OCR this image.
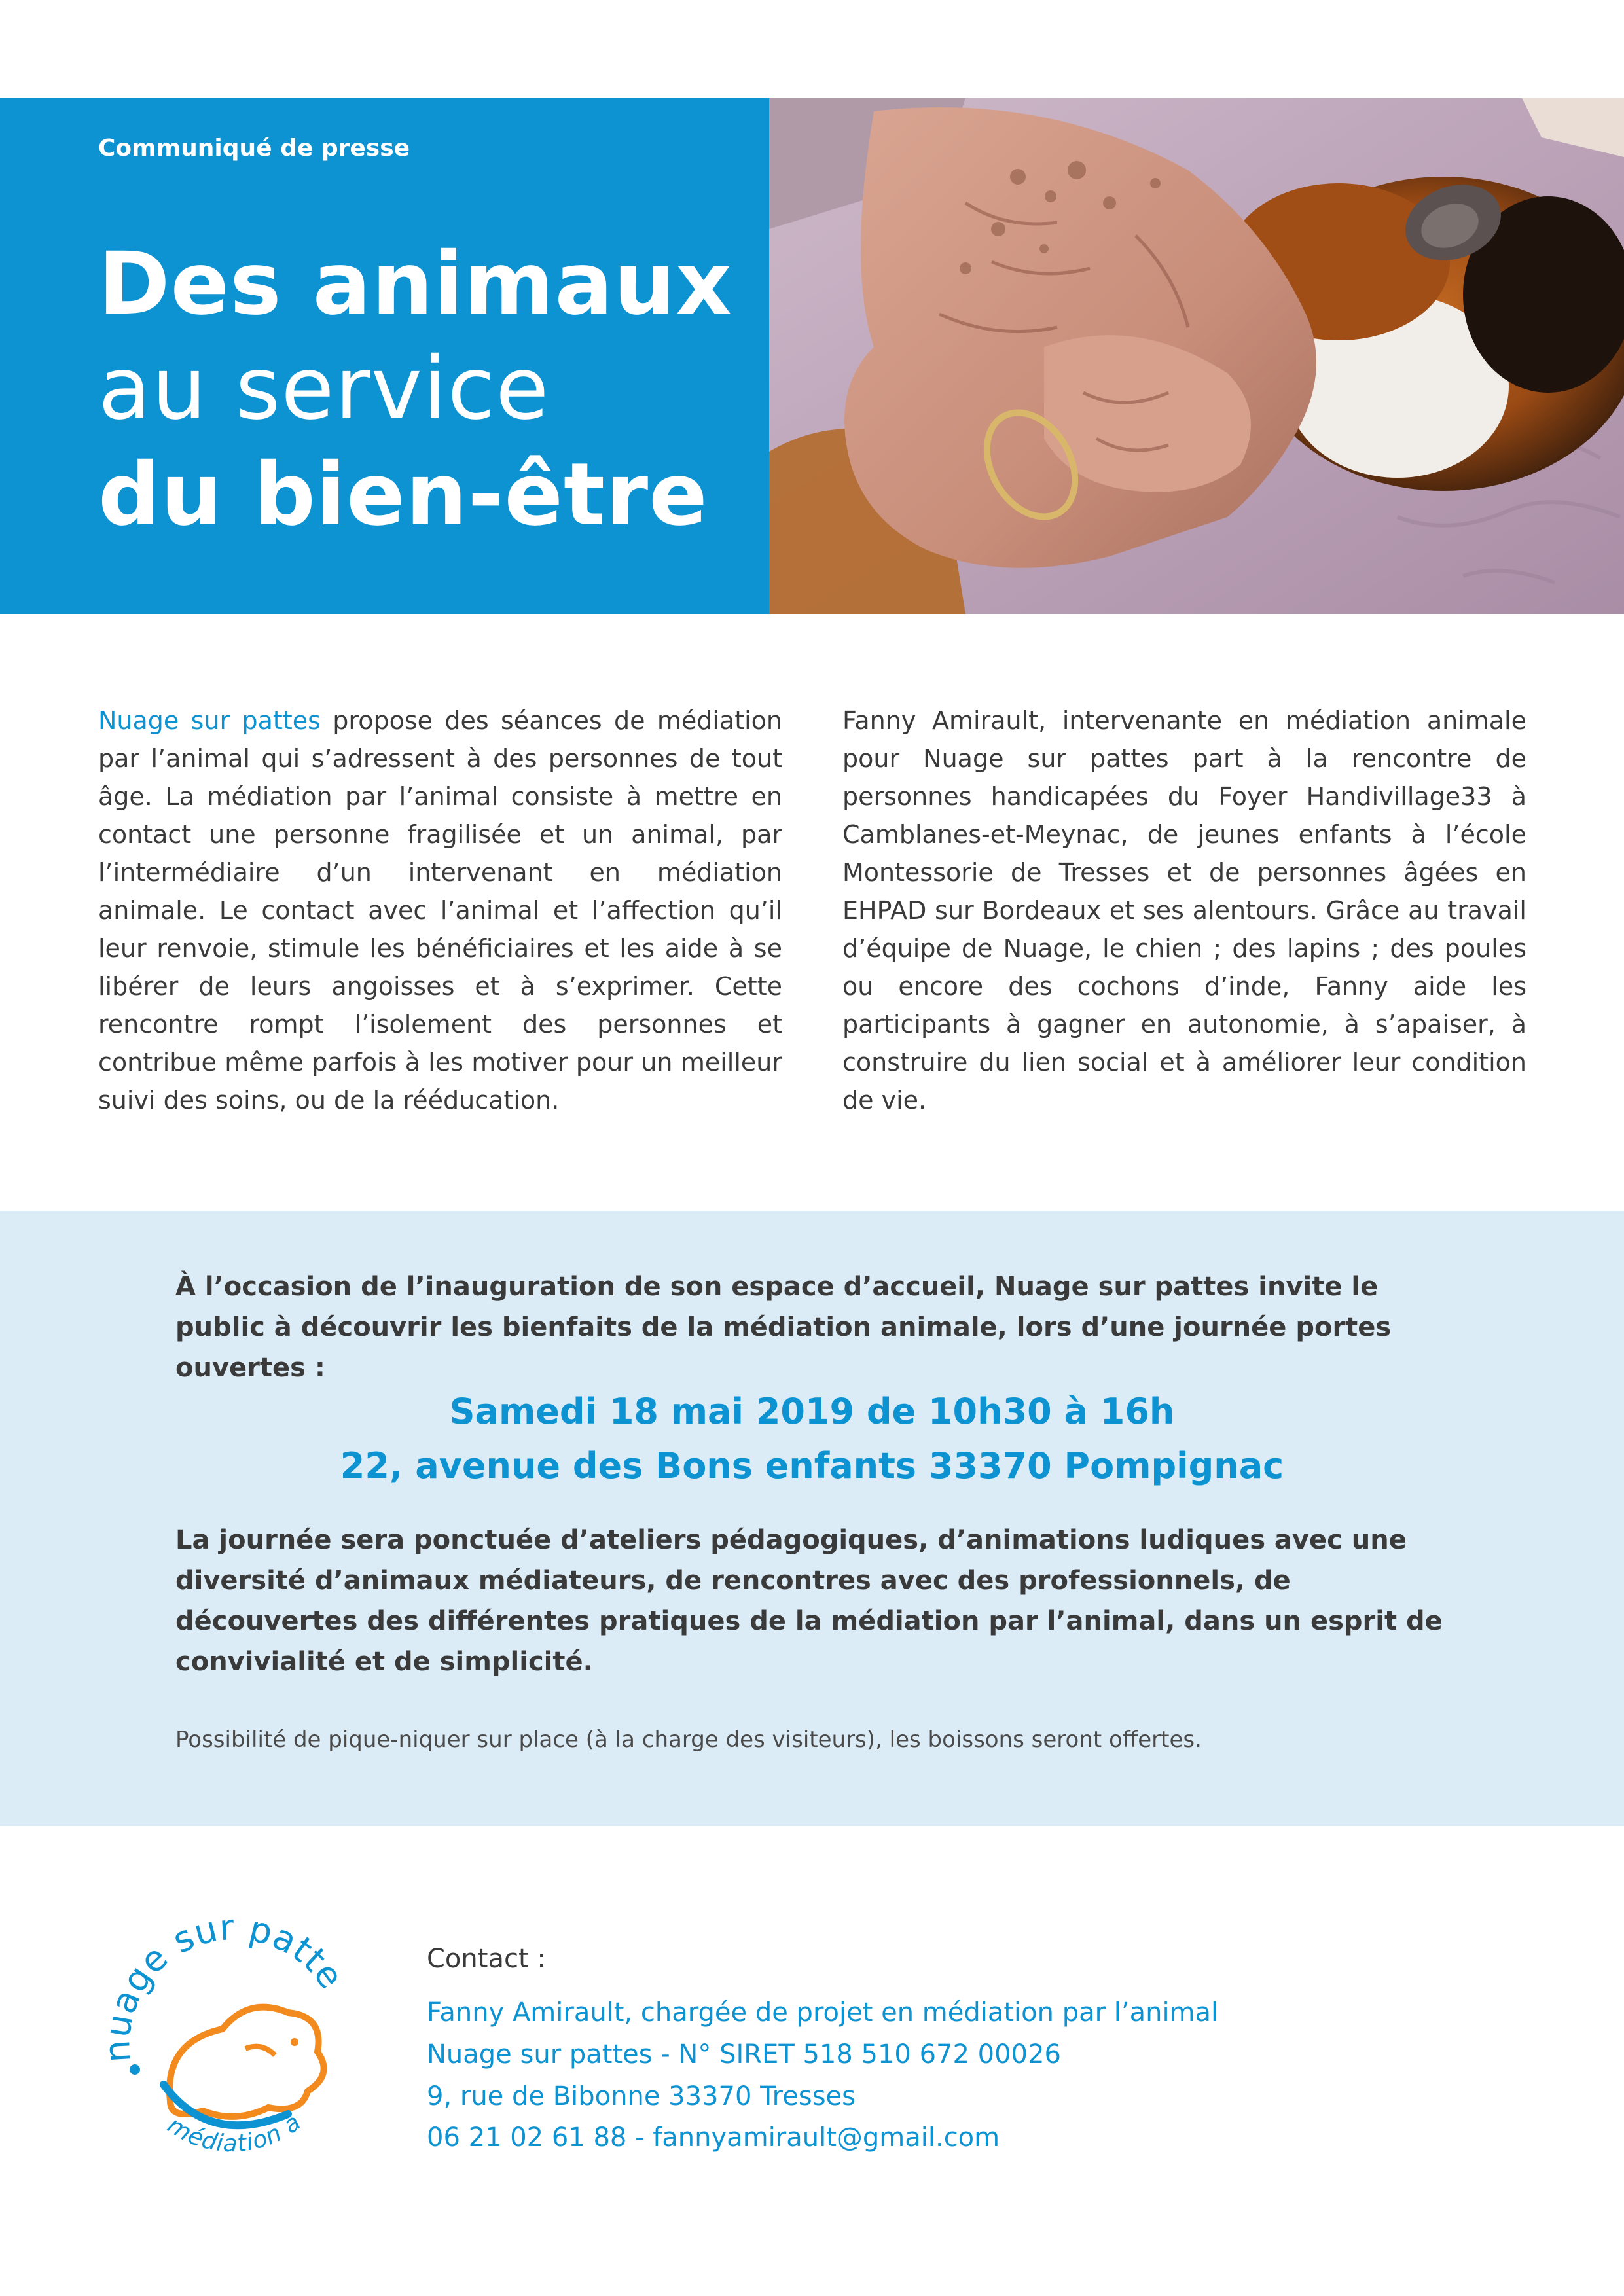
Communiqué de presse
Des animaux
au service
du bien-être
Nuage sur pattes propose des séances de médiation par l’animal qui s’adressent à des personnes de tout âge. La médiation par l’animal consiste à mettre en contact une personne fragilisée et un animal, par l’intermédiaire d’un intervenant en médiation animale. Le contact avec l’animal et l’affection qu’il leur renvoie, stimule les bénéficiaires et les aide à se libérer de leurs angoisses et à s’exprimer. Cette rencontre rompt l’isolement des personnes et contribue même parfois à les motiver pour un meilleur suivi des soins, ou de la rééducation.
Fanny Amirault, intervenante en médiation animale pour Nuage sur pattes part à la rencontre de personnes handicapées du Foyer Handivillage33 à Camblanes-et-Meynac, de jeunes enfants à l’école Montessorie de Tresses et de personnes âgées en EHPAD sur Bordeaux et ses alentours. Grâce au travail d’équipe de Nuage, le chien ; des lapins ; des poules ou encore des cochons d’inde, Fanny aide les participants à gagner en autonomie, à s’apaiser, à construire du lien social et à améliorer leur condition de vie.
À l’occasion de l’inauguration de son espace d’accueil, Nuage sur pattes invite le public à découvrir les bienfaits de la médiation animale, lors d’une journée portes ouvertes :
Samedi 18 mai 2019 de 10h30 à 16h
22, avenue des Bons enfants 33370 Pompignac
La journée sera ponctuée d’ateliers pédagogiques, d’animations ludiques avec une diversité d’animaux médiateurs, de rencontres avec des professionnels, de découvertes des différentes pratiques de la médiation par l’animal, dans un esprit de convivialité et de simplicité.
Possibilité de pique-niquer sur place (à la charge des visiteurs), les boissons seront offertes.
nuage sur patte
médiation a
Contact :
Fanny Amirault, chargée de projet en médiation par l’animal
Nuage sur pattes - N° SIRET 518 510 672 00026
9, rue de Bibonne 33370 Tresses
06 21 02 61 88 - fannyamirault@gmail.com
